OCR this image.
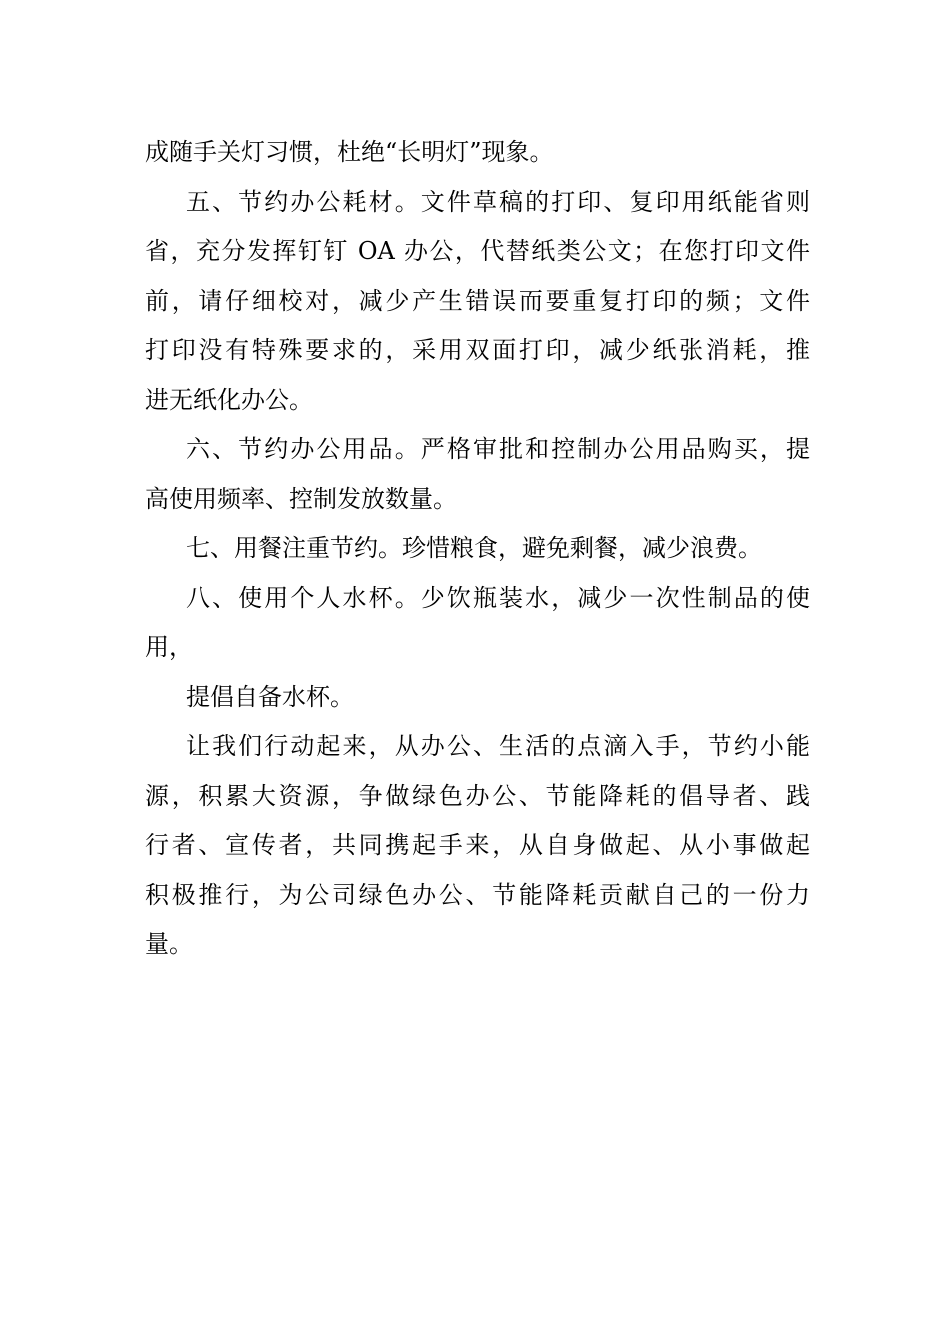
成随手关灯习惯，杜绝“长明灯”现象。
五、节约办公耗材。文件草稿的打印、复印用纸能省则
省，充分发挥钉钉 OA 办公，代替纸类公文；在您打印文件
前，请仔细校对，减少产生错误而要重复打印的频；文件
打印没有特殊要求的，采用双面打印，减少纸张消耗，推
进无纸化办公。
六、节约办公用品。严格审批和控制办公用品购买，提
高使用频率、控制发放数量。
七、用餐注重节约。珍惜粮食，避免剩餐，减少浪费。
八、使用个人水杯。少饮瓶装水，减少一次性制品的使
用，
提倡自备水杯。
让我们行动起来，从办公、生活的点滴入手，节约小能
源，积累大资源，争做绿色办公、节能降耗的倡导者、践
行者、宣传者，共同携起手来，从自身做起、从小事做起
积极推行，为公司绿色办公、节能降耗贡献自己的一份力
量。
